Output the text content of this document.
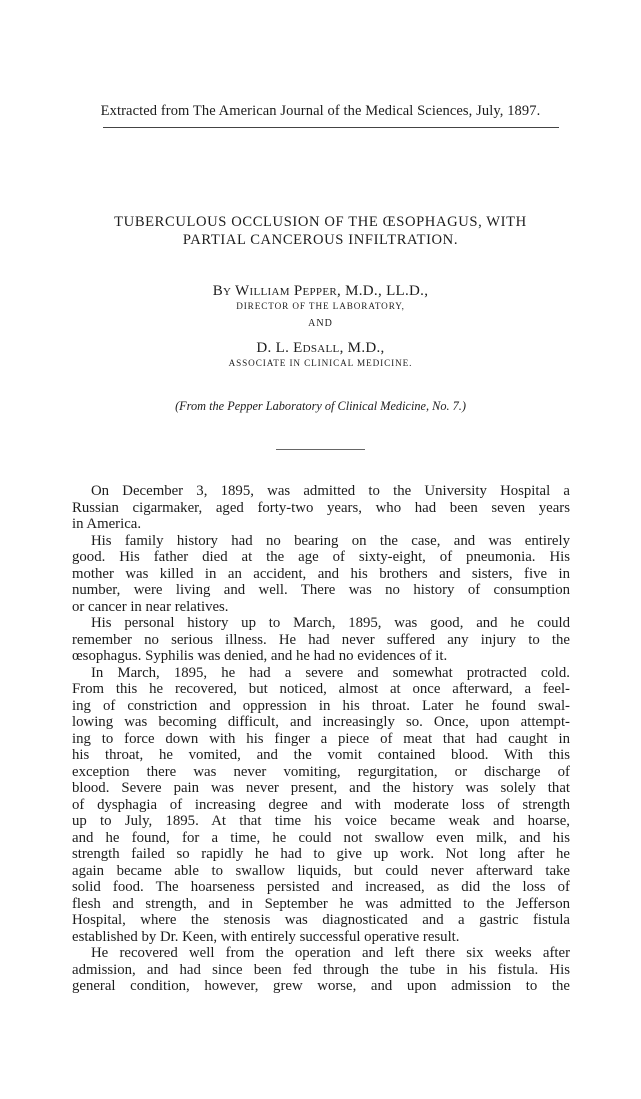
Extracted from The American Journal of the Medical Sciences, July, 1897.
TUBERCULOUS OCCLUSION OF THE ŒSOPHAGUS, WITH
PARTIAL CANCEROUS INFILTRATION.
By William Pepper, M.D., LL.D.,
DIRECTOR OF THE LABORATORY,
AND
D. L. Edsall, M.D.,
ASSOCIATE IN CLINICAL MEDICINE.
(From the Pepper Laboratory of Clinical Medicine, No. 7.)
On December 3, 1895, was admitted to the University Hospital a
Russian cigarmaker, aged forty-two years, who had been seven years
in America.
His family history had no bearing on the case, and was entirely
good. His father died at the age of sixty-eight, of pneumonia. His
mother was killed in an accident, and his brothers and sisters, five in
number, were living and well. There was no history of consumption
or cancer in near relatives.
His personal history up to March, 1895, was good, and he could
remember no serious illness. He had never suffered any injury to the
œsophagus. Syphilis was denied, and he had no evidences of it.
In March, 1895, he had a severe and somewhat protracted cold.
From this he recovered, but noticed, almost at once afterward, a feel-
ing of constriction and oppression in his throat. Later he found swal-
lowing was becoming difficult, and increasingly so. Once, upon attempt-
ing to force down with his finger a piece of meat that had caught in
his throat, he vomited, and the vomit contained blood. With this
exception there was never vomiting, regurgitation, or discharge of
blood. Severe pain was never present, and the history was solely that
of dysphagia of increasing degree and with moderate loss of strength
up to July, 1895. At that time his voice became weak and hoarse,
and he found, for a time, he could not swallow even milk, and his
strength failed so rapidly he had to give up work. Not long after he
again became able to swallow liquids, but could never afterward take
solid food. The hoarseness persisted and increased, as did the loss of
flesh and strength, and in September he was admitted to the Jefferson
Hospital, where the stenosis was diagnosticated and a gastric fistula
established by Dr. Keen, with entirely successful operative result.
He recovered well from the operation and left there six weeks after
admission, and had since been fed through the tube in his fistula. His
general condition, however, grew worse, and upon admission to the
